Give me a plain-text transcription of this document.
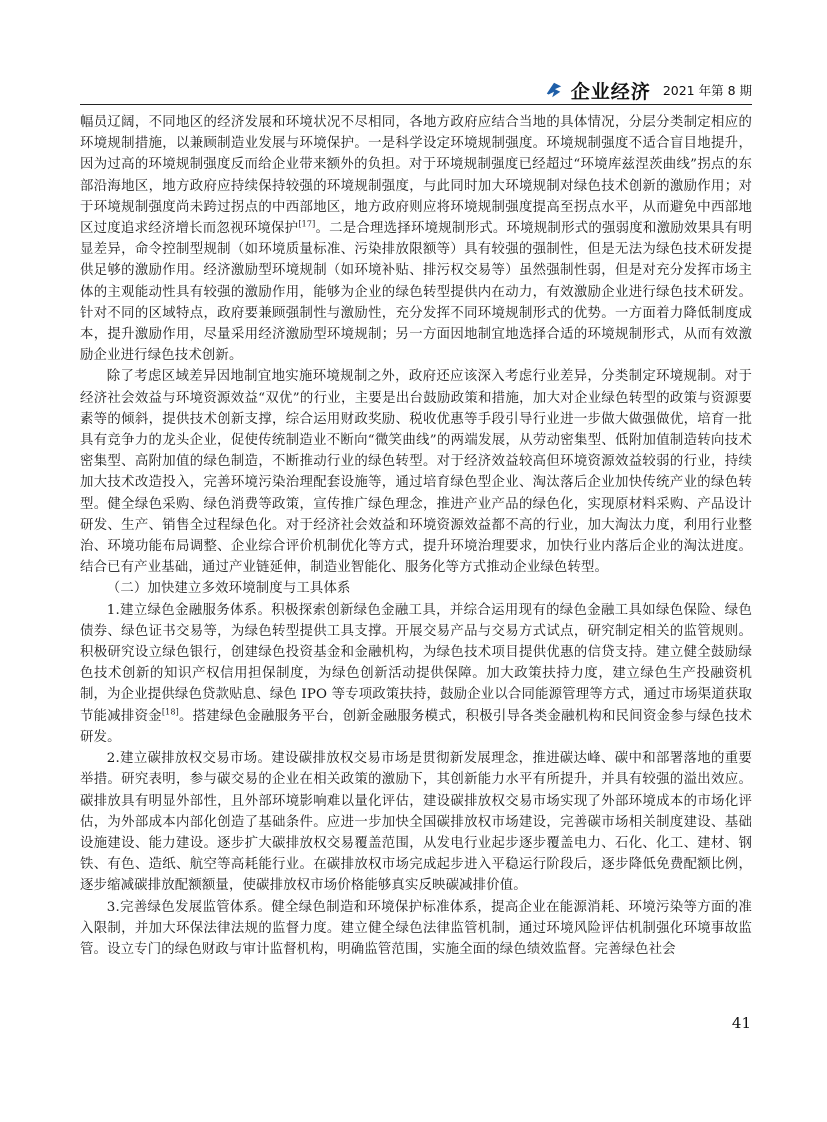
企业经济 2021 年第 8 期

幅员辽阔，不同地区的经济发展和环境状况不尽相同，各地方政府应结合当地的具体情况，分层分类制定相应的环境规制措施，以兼顾制造业发展与环境保护。一是科学设定环境规制强度。环境规制强度不适合盲目地提升，因为过高的环境规制强度反而给企业带来额外的负担。对于环境规制强度已经超过“环境库兹涅茨曲线”拐点的东部沿海地区，地方政府应持续保持较强的环境规制强度，与此同时加大环境规制对绿色技术创新的激励作用；对于环境规制强度尚未跨过拐点的中西部地区，地方政府则应将环境规制强度提高至拐点水平，从而避免中西部地区过度追求经济增长而忽视环境保护[17]。二是合理选择环境规制形式。环境规制形式的强弱度和激励效果具有明显差异，命令控制型规制（如环境质量标准、污染排放限额等）具有较强的强制性，但是无法为绿色技术研发提供足够的激励作用。经济激励型环境规制（如环境补贴、排污权交易等）虽然强制性弱，但是对充分发挥市场主体的主观能动性具有较强的激励作用，能够为企业的绿色转型提供内在动力，有效激励企业进行绿色技术研发。针对不同的区域特点，政府要兼顾强制性与激励性，充分发挥不同环境规制形式的优势。一方面着力降低制度成本，提升激励作用，尽量采用经济激励型环境规制；另一方面因地制宜地选择合适的环境规制形式，从而有效激励企业进行绿色技术创新。

除了考虑区域差异因地制宜地实施环境规制之外，政府还应该深入考虑行业差异，分类制定环境规制。对于经济社会效益与环境资源效益“双优”的行业，主要是出台鼓励政策和措施，加大对企业绿色转型的政策与资源要素等的倾斜，提供技术创新支撑，综合运用财政奖励、税收优惠等手段引导行业进一步做大做强做优，培育一批具有竞争力的龙头企业，促使传统制造业不断向“微笑曲线”的两端发展，从劳动密集型、低附加值制造转向技术密集型、高附加值的绿色制造，不断推动行业的绿色转型。对于经济效益较高但环境资源效益较弱的行业，持续加大技术改造投入，完善环境污染治理配套设施等，通过培育绿色型企业、淘汰落后企业加快传统产业的绿色转型。健全绿色采购、绿色消费等政策，宣传推广绿色理念，推进产业产品的绿色化，实现原材料采购、产品设计研发、生产、销售全过程绿色化。对于经济社会效益和环境资源效益都不高的行业，加大淘汰力度，利用行业整治、环境功能布局调整、企业综合评价机制优化等方式，提升环境治理要求，加快行业内落后企业的淘汰进度。结合已有产业基础，通过产业链延伸，制造业智能化、服务化等方式推动企业绿色转型。

（二）加快建立多效环境制度与工具体系

1.建立绿色金融服务体系。积极探索创新绿色金融工具，并综合运用现有的绿色金融工具如绿色保险、绿色债券、绿色证书交易等，为绿色转型提供工具支撑。开展交易产品与交易方式试点，研究制定相关的监管规则。积极研究设立绿色银行，创建绿色投资基金和金融机构，为绿色技术项目提供优惠的信贷支持。建立健全鼓励绿色技术创新的知识产权信用担保制度，为绿色创新活动提供保障。加大政策扶持力度，建立绿色生产投融资机制，为企业提供绿色贷款贴息、绿色 IPO 等专项政策扶持，鼓励企业以合同能源管理等方式，通过市场渠道获取节能减排资金[18]。搭建绿色金融服务平台，创新金融服务模式，积极引导各类金融机构和民间资金参与绿色技术研发。

2.建立碳排放权交易市场。建设碳排放权交易市场是贯彻新发展理念，推进碳达峰、碳中和部署落地的重要举措。研究表明，参与碳交易的企业在相关政策的激励下，其创新能力水平有所提升，并具有较强的溢出效应。碳排放具有明显外部性，且外部环境影响难以量化评估，建设碳排放权交易市场实现了外部环境成本的市场化评估，为外部成本内部化创造了基础条件。应进一步加快全国碳排放权市场建设，完善碳市场相关制度建设、基础设施建设、能力建设。逐步扩大碳排放权交易覆盖范围，从发电行业起步逐步覆盖电力、石化、化工、建材、钢铁、有色、造纸、航空等高耗能行业。在碳排放权市场完成起步进入平稳运行阶段后，逐步降低免费配额比例，逐步缩减碳排放配额额量，使碳排放权市场价格能够真实反映碳减排价值。

3.完善绿色发展监管体系。健全绿色制造和环境保护标准体系，提高企业在能源消耗、环境污染等方面的准入限制，并加大环保法律法规的监督力度。建立健全绿色法律监管机制，通过环境风险评估机制强化环境事故监管。设立专门的绿色财政与审计监督机构，明确监管范围，实施全面的绿色绩效监督。完善绿色社会

41
